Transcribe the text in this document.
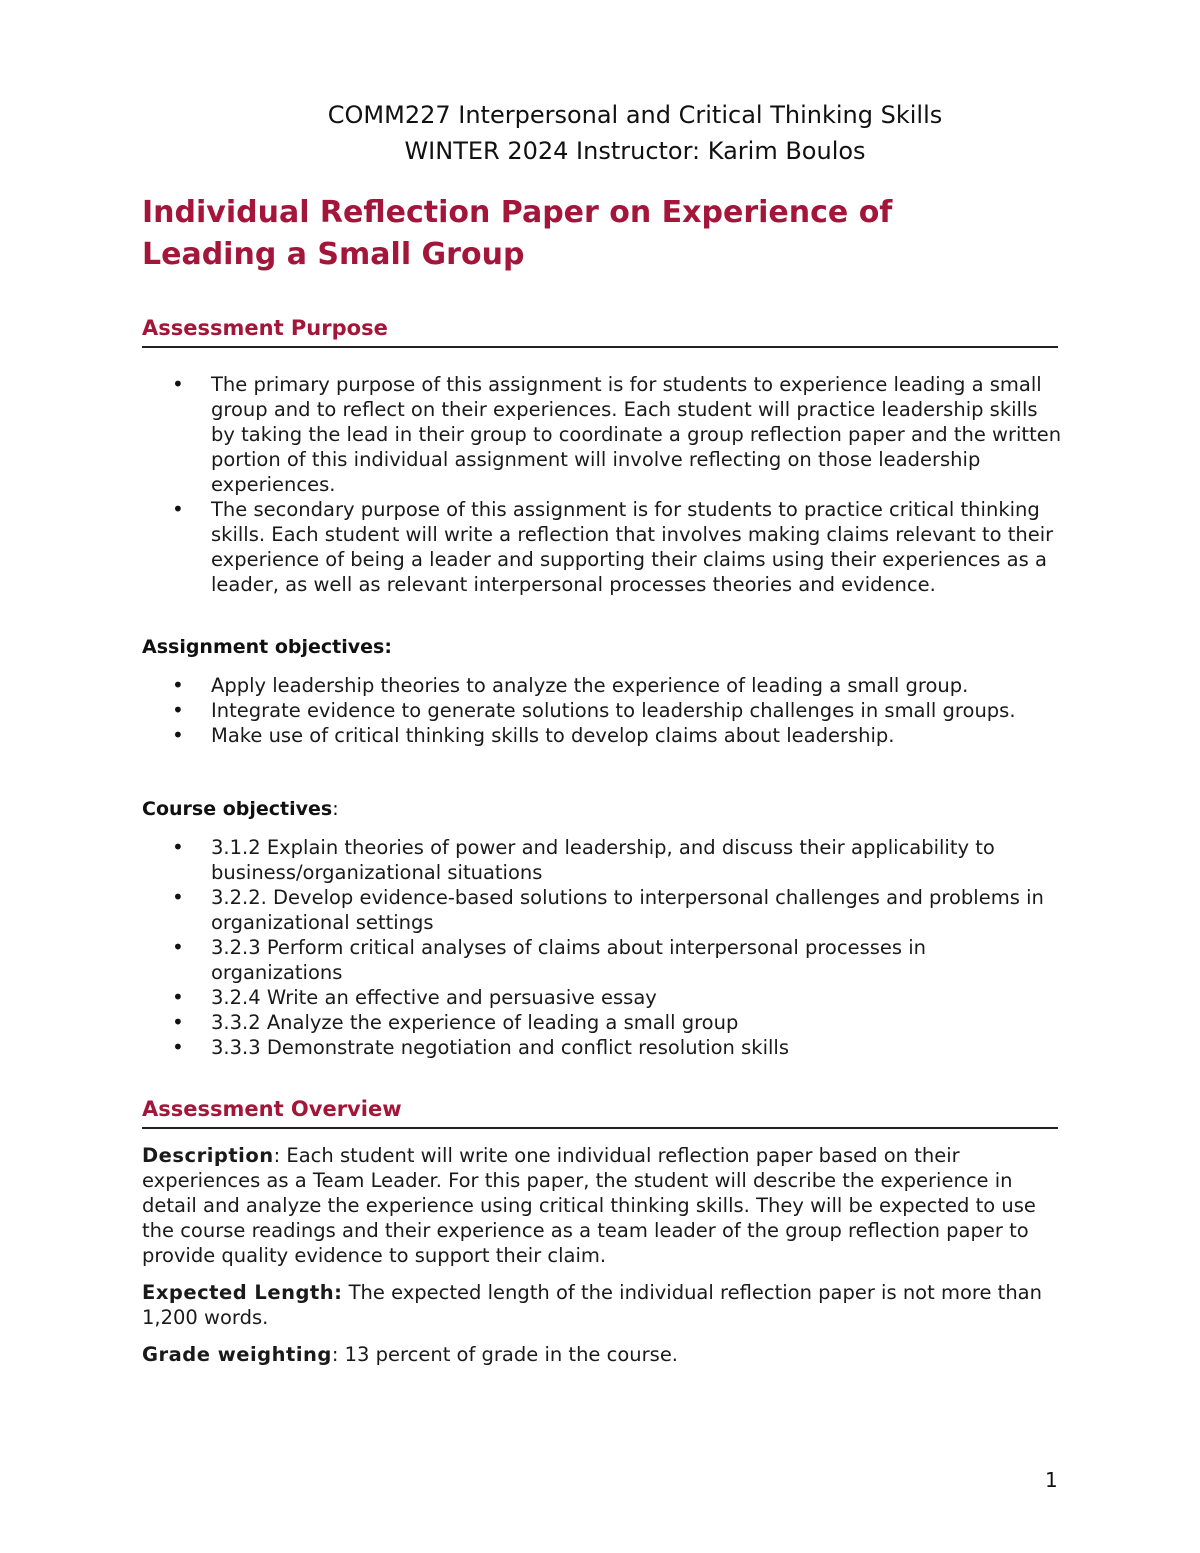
COMM227 Interpersonal and Critical Thinking Skills
WINTER 2024 Instructor: Karim Boulos
Individual Reflection Paper on Experience of
Leading a Small Group
Assessment Purpose
• The primary purpose of this assignment is for students to experience leading a small group and to reflect on their experiences. Each student will practice leadership skills by taking the lead in their group to coordinate a group reflection paper and the written portion of this individual assignment will involve reflecting on those leadership experiences.
• The secondary purpose of this assignment is for students to practice critical thinking skills. Each student will write a reflection that involves making claims relevant to their experience of being a leader and supporting their claims using their experiences as a leader, as well as relevant interpersonal processes theories and evidence.
Assignment objectives:
• Apply leadership theories to analyze the experience of leading a small group.
• Integrate evidence to generate solutions to leadership challenges in small groups.
• Make use of critical thinking skills to develop claims about leadership.
Course objectives:
• 3.1.2 Explain theories of power and leadership, and discuss their applicability to business/organizational situations
• 3.2.2. Develop evidence-based solutions to interpersonal challenges and problems in organizational settings
• 3.2.3 Perform critical analyses of claims about interpersonal processes in organizations
• 3.2.4 Write an effective and persuasive essay
• 3.3.2 Analyze the experience of leading a small group
• 3.3.3 Demonstrate negotiation and conflict resolution skills
Assessment Overview

Description: Each student will write one individual reflection paper based on their experiences as a Team Leader. For this paper, the student will describe the experience in detail and analyze the experience using critical thinking skills. They will be expected to use the course readings and their experience as a team leader of the group reflection paper to provide quality evidence to support their claim.

Expected Length: The expected length of the individual reflection paper is not more than 1,200 words.

Grade weighting: 13 percent of grade in the course.

1
